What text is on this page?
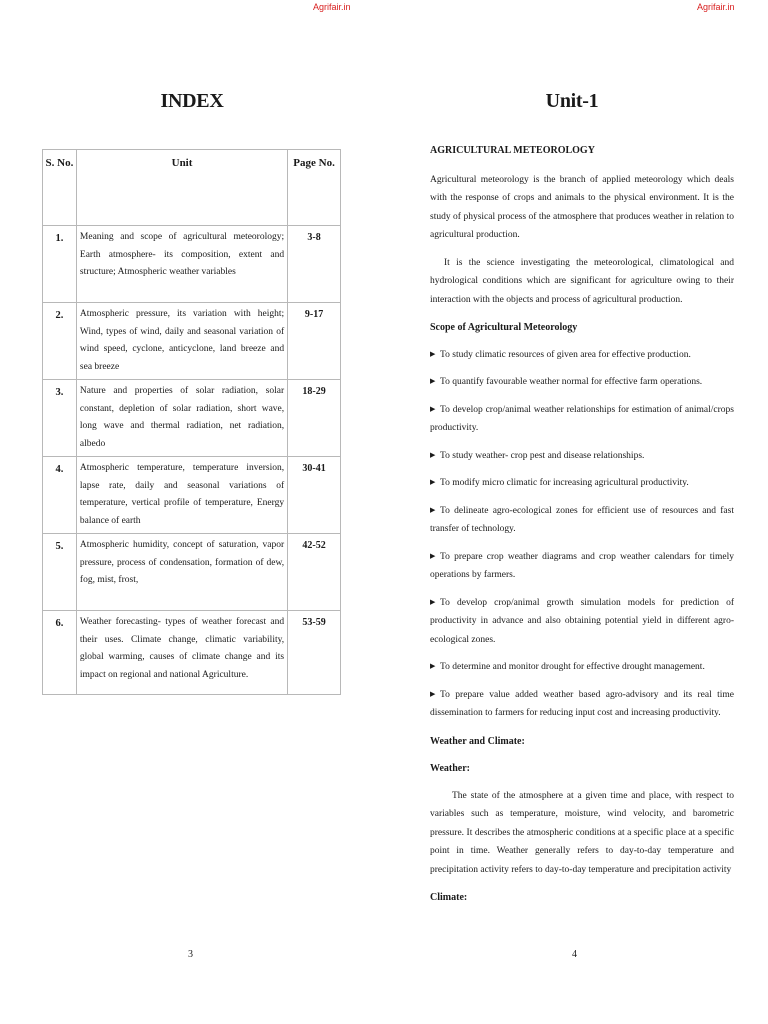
Agrifair.in
INDEX
S. No.	Unit	Page No.
1.	Meaning and scope of agricultural meteorology; Earth atmosphere- its composition, extent and structure; Atmospheric weather variables	3-8
2.	Atmospheric pressure, its variation with height; Wind, types of wind, daily and seasonal variation of wind speed, cyclone, anticyclone, land breeze and sea breeze	9-17
3.	Nature and properties of solar radiation, solar constant, depletion of solar radiation, short wave, long wave and thermal radiation, net radiation, albedo	18-29
4.	Atmospheric temperature, temperature inversion, lapse rate, daily and seasonal variations of temperature, vertical profile of temperature, Energy balance of earth	30-41
5.	Atmospheric humidity, concept of saturation, vapor pressure, process of condensation, formation of dew, fog, mist, frost,	42-52
6.	Weather forecasting- types of weather forecast and their uses. Climate change, climatic variability, global warming, causes of climate change and its impact on regional and national Agriculture.	53-59
3
Agrifair.in
Unit-1
AGRICULTURAL METEOROLOGY

Agricultural meteorology is the branch of applied meteorology which deals with the response of crops and animals to the physical environment. It is the study of physical process of the atmosphere that produces weather in relation to agricultural production.

It is the science investigating the meteorological, climatological and hydrological conditions which are significant for agriculture owing to their interaction with the objects and process of agricultural production.

Scope of Agricultural Meteorology
▶ To study climatic resources of given area for effective production.
▶ To quantify favourable weather normal for effective farm operations.
▶ To develop crop/animal weather relationships for estimation of animal/crops productivity.
▶ To study weather- crop pest and disease relationships.
▶ To modify micro climatic for increasing agricultural productivity.
▶ To delineate agro-ecological zones for efficient use of resources and fast transfer of technology.
▶ To prepare crop weather diagrams and crop weather calendars for timely operations by farmers.
▶ To develop crop/animal growth simulation models for prediction of productivity in advance and also obtaining potential yield in different agro- ecological zones.
▶ To determine and monitor drought for effective drought management.
▶ To prepare value added weather based agro-advisory and its real time dissemination to farmers for reducing input cost and increasing productivity.
Weather and Climate:
Weather:

The state of the atmosphere at a given time and place, with respect to variables such as temperature, moisture, wind velocity, and barometric pressure. It describes the atmospheric conditions at a specific place at a specific point in time. Weather generally refers to day-to-day temperature and precipitation activity refers to day-to-day temperature and precipitation activity

Climate:
4
